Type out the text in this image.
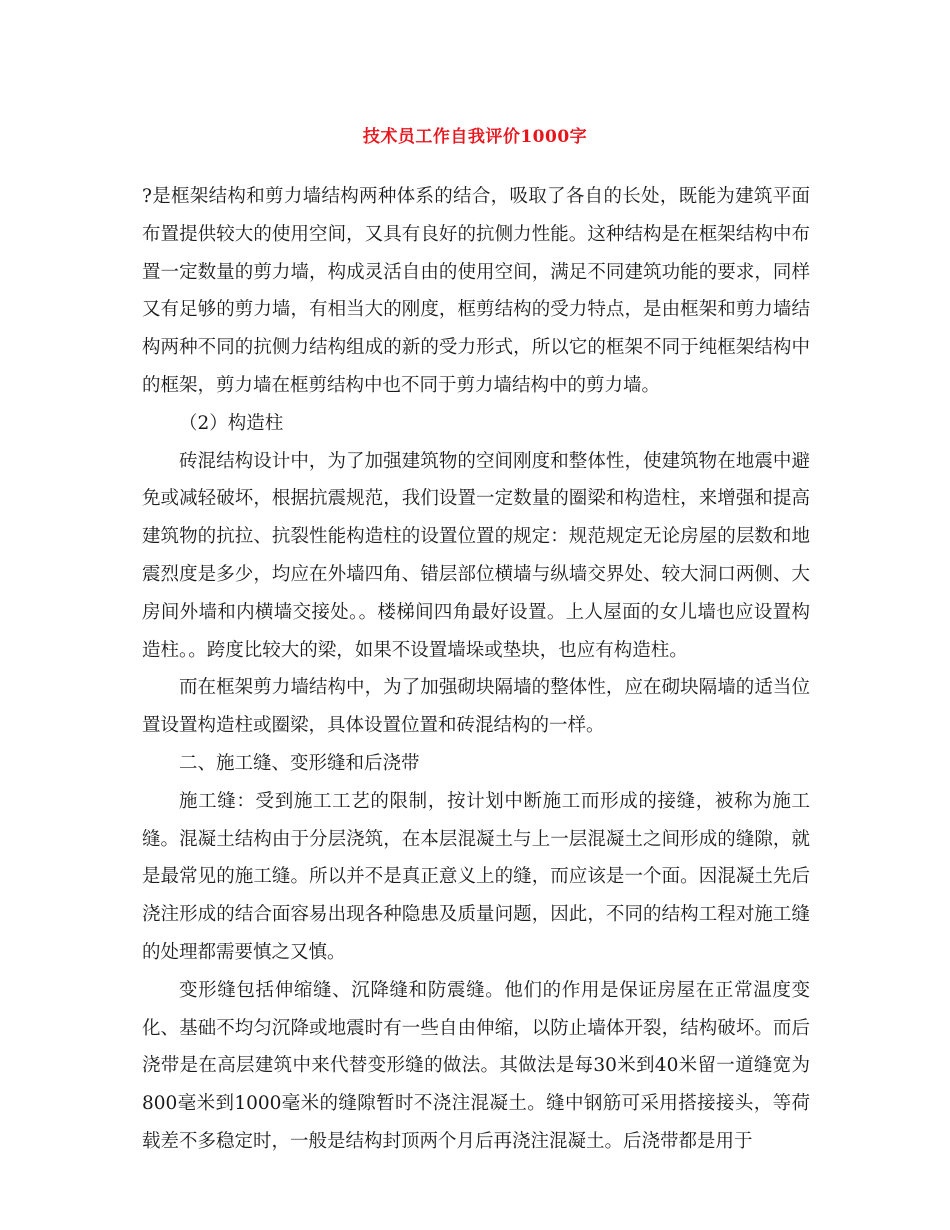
技术员工作自我评价1000字

?是框架结构和剪力墙结构两种体系的结合，吸取了各自的长处，既能为建筑平面布置提供较大的使用空间，又具有良好的抗侧力性能。这种结构是在框架结构中布置一定数量的剪力墙，构成灵活自由的使用空间，满足不同建筑功能的要求，同样又有足够的剪力墙，有相当大的刚度，框剪结构的受力特点，是由框架和剪力墙结构两种不同的抗侧力结构组成的新的受力形式，所以它的框架不同于纯框架结构中的框架，剪力墙在框剪结构中也不同于剪力墙结构中的剪力墙。

（2）构造柱

砖混结构设计中，为了加强建筑物的空间刚度和整体性，使建筑物在地震中避免或减轻破坏，根据抗震规范，我们设置一定数量的圈梁和构造柱，来增强和提高建筑物的抗拉、抗裂性能构造柱的设置位置的规定：规范规定无论房屋的层数和地震烈度是多少，均应在外墙四角、错层部位横墙与纵墙交界处、较大洞口两侧、大房间外墙和内横墙交接处。。楼梯间四角最好设置。上人屋面的女儿墙也应设置构造柱。。跨度比较大的梁，如果不设置墙垛或垫块，也应有构造柱。

而在框架剪力墙结构中，为了加强砌块隔墙的整体性，应在砌块隔墙的适当位置设置构造柱或圈梁，具体设置位置和砖混结构的一样。

二、施工缝、变形缝和后浇带

施工缝：受到施工工艺的限制，按计划中断施工而形成的接缝，被称为施工缝。混凝土结构由于分层浇筑，在本层混凝土与上一层混凝土之间形成的缝隙，就是最常见的施工缝。所以并不是真正意义上的缝，而应该是一个面。因混凝土先后浇注形成的结合面容易出现各种隐患及质量问题，因此，不同的结构工程对施工缝的处理都需要慎之又慎。

变形缝包括伸缩缝、沉降缝和防震缝。他们的作用是保证房屋在正常温度变化、基础不均匀沉降或地震时有一些自由伸缩，以防止墙体开裂，结构破坏。而后浇带是在高层建筑中来代替变形缝的做法。其做法是每30米到40米留一道缝宽为800毫米到1000毫米的缝隙暂时不浇注混凝土。缝中钢筋可采用搭接接头，等荷载差不多稳定时，一般是结构封顶两个月后再浇注混凝土。后浇带都是用于
